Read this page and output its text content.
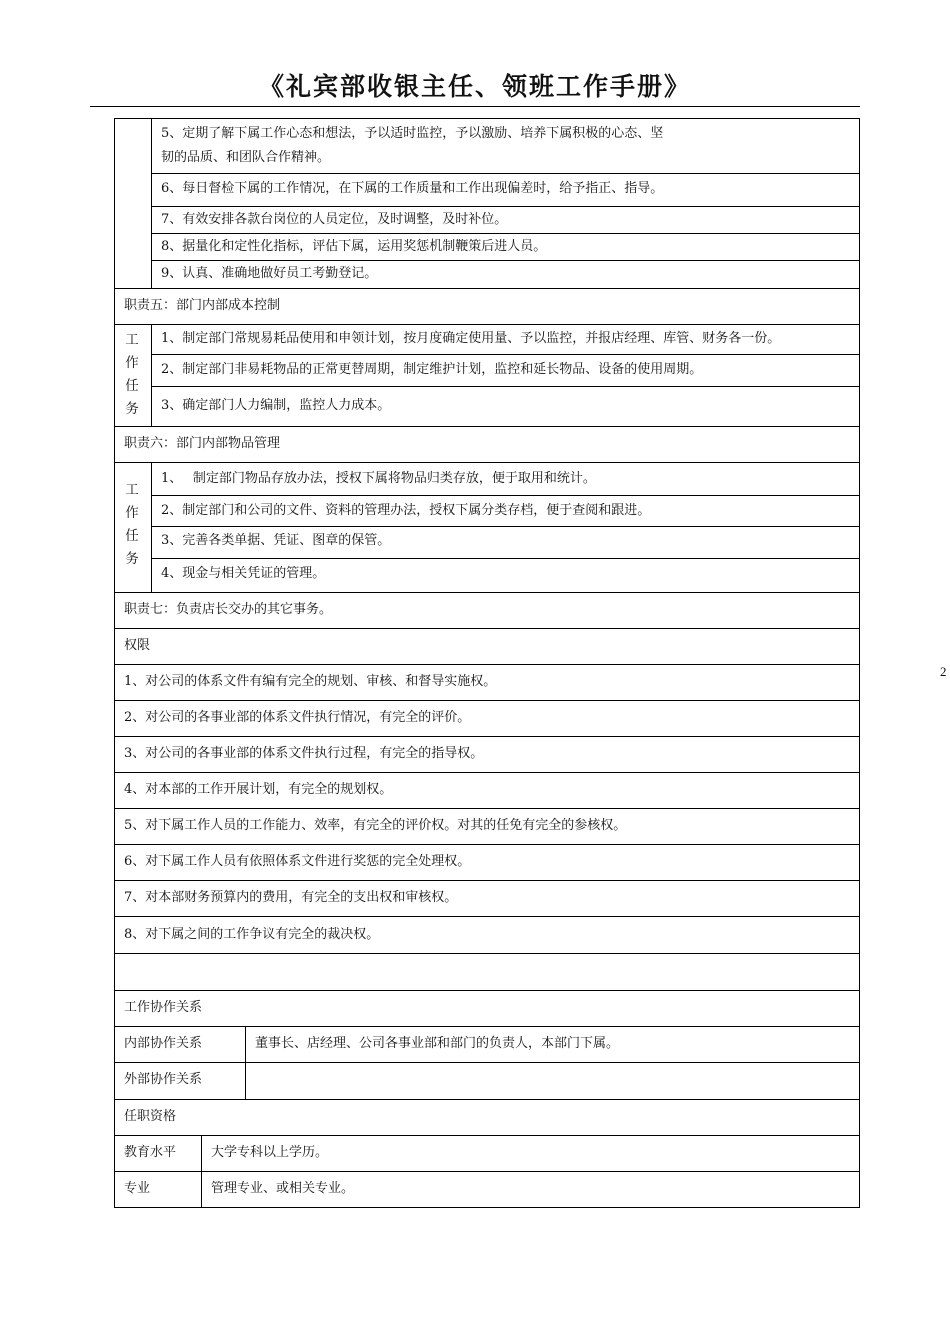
《礼宾部收银主任、领班工作手册》
2
5、定期了解下属工作心态和想法，予以适时监控，予以激励、培养下属积极的心态、坚
韧的品质、和团队合作精神。
6、每日督检下属的工作情况，在下属的工作质量和工作出现偏差时，给予指正、指导。
7、有效安排各款台岗位的人员定位，及时调整，及时补位。
8、据量化和定性化指标，评估下属，运用奖惩机制鞭策后进人员。
9、认真、准确地做好员工考勤登记。
职责五：部门内部成本控制
工
作
任
务
1、制定部门常规易耗品使用和申领计划，按月度确定使用量、予以监控，并报店经理、库管、财务各一份。
2、制定部门非易耗物品的正常更替周期，制定维护计划，监控和延长物品、设备的使用周期。
3、确定部门人力编制，监控人力成本。
职责六：部门内部物品管理
工
作
任
务
1、　 制定部门物品存放办法，授权下属将物品归类存放，便于取用和统计。
2、制定部门和公司的文件、资料的管理办法，授权下属分类存档，便于查阅和跟进。
3、完善各类单据、凭证、图章的保管。
4、现金与相关凭证的管理。
职责七：负责店长交办的其它事务。
权限
1、对公司的体系文件有编有完全的规划、审核、和督导实施权。
2、对公司的各事业部的体系文件执行情况，有完全的评价。
3、对公司的各事业部的体系文件执行过程，有完全的指导权。
4、对本部的工作开展计划，有完全的规划权。
5、对下属工作人员的工作能力、效率，有完全的评价权。对其的任免有完全的参核权。
6、对下属工作人员有依照体系文件进行奖惩的完全处理权。
7、对本部财务预算内的费用，有完全的支出权和审核权。
8、对下属之间的工作争议有完全的裁决权。
工作协作关系
内部协作关系	董事长、店经理、公司各事业部和部门的负责人，本部门下属。
外部协作关系
任职资格
教育水平	大学专科以上学历。
专业	管理专业、或相关专业。
